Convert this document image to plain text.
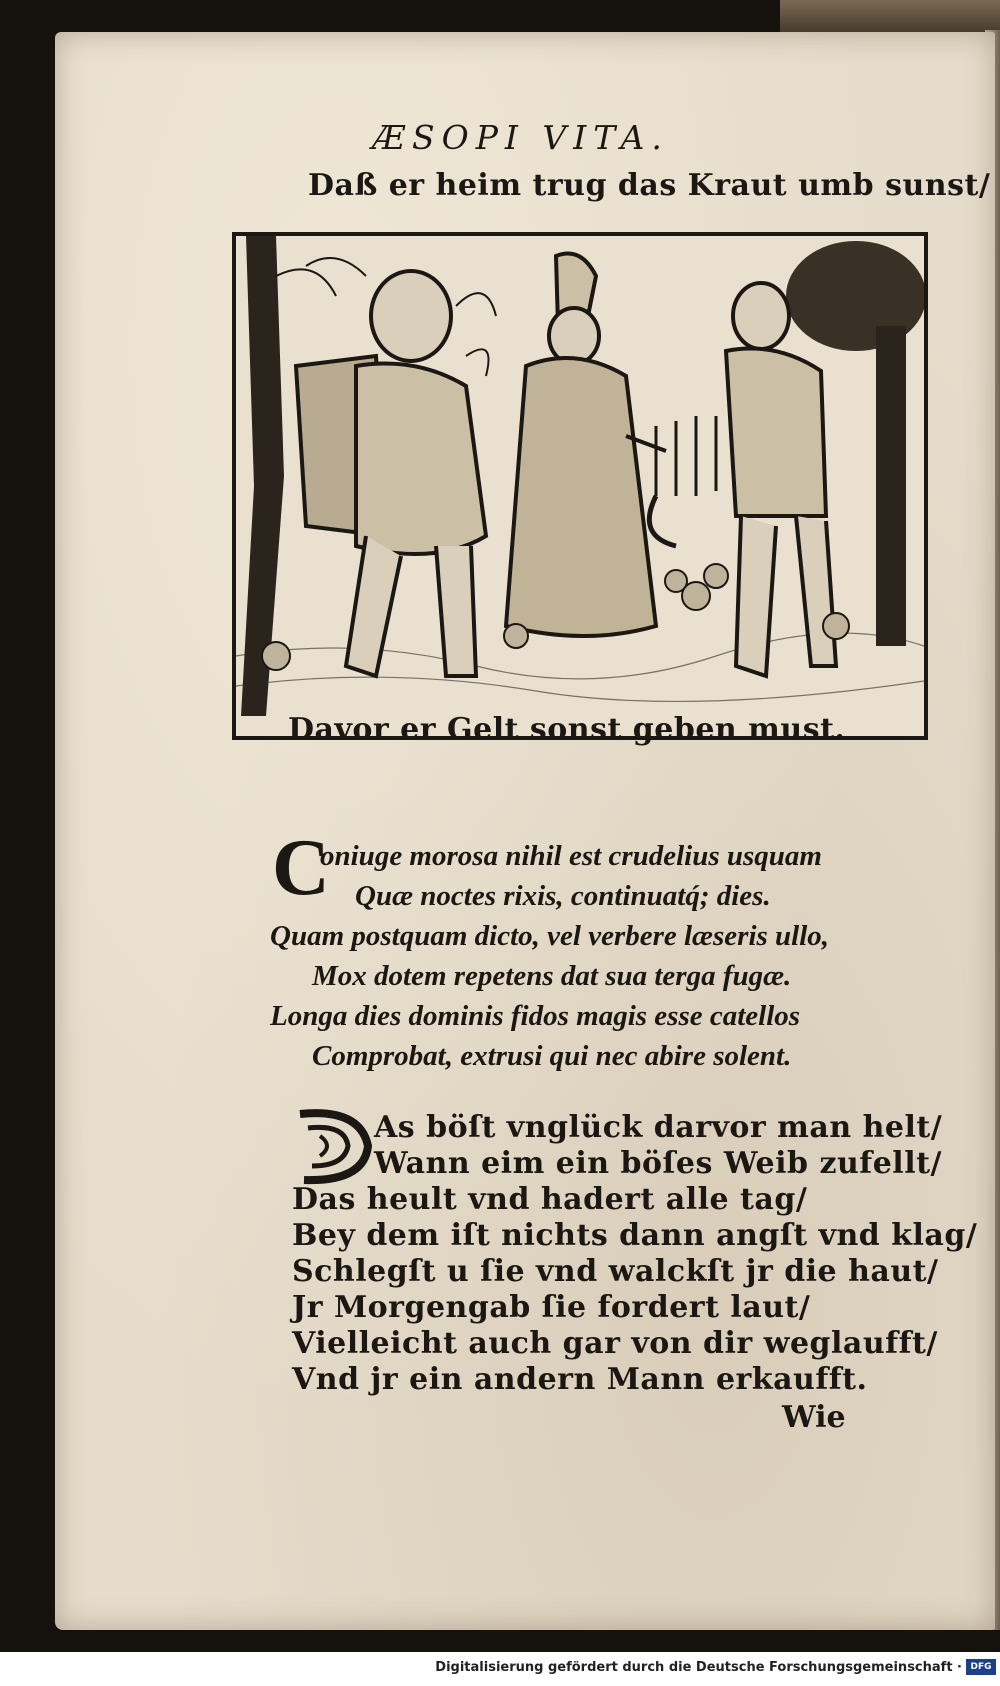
ÆSOPI VITA.
Daß er heim trug das Kraut umb sunst/
Davor er Gelt sonst geben must.
C
oniuge morosa nihil est crudelius usquam
Quæ noctes rixis, continuatq́; dies.
Quam postquam dicto, vel verbere læseris ullo,
Mox dotem repetens dat sua terga fugæ.
Longa dies dominis fidos magis esse catellos
Comprobat, extrusi qui nec abire solent.
As böſt vnglück darvor man helt/
Wann eim ein böſes Weib zufellt/
Das heult vnd hadert alle tag/
Bey dem iſt nichts dann angſt vnd klag/
Schlegſt u ſie vnd walckſt jr die haut/
Jr Morgengab ſie fordert laut/
Vielleicht auch gar von dir weglaufft/
Vnd jr ein andern Mann erkaufft.
Wie
Digitalisierung gefördert durch die Deutsche Forschungsgemeinschaft · DFG
